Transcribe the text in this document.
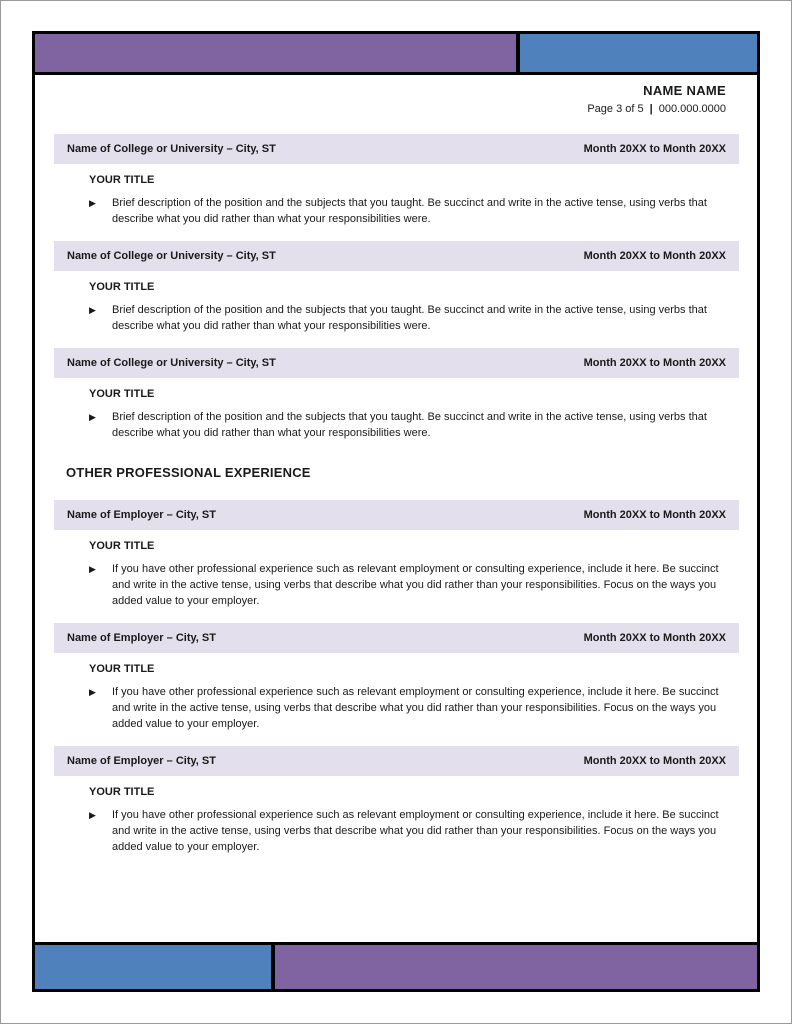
NAME NAME
Page 3 of 5 | 000.000.0000
Name of College or University – City, ST	Month 20XX to Month 20XX
YOUR TITLE
▶	Brief description of the position and the subjects that you taught. Be succinct and write in the active tense, using verbs that describe what you did rather than what your responsibilities were.
Name of College or University – City, ST	Month 20XX to Month 20XX
YOUR TITLE
▶	Brief description of the position and the subjects that you taught. Be succinct and write in the active tense, using verbs that describe what you did rather than what your responsibilities were.
Name of College or University – City, ST	Month 20XX to Month 20XX
YOUR TITLE
▶	Brief description of the position and the subjects that you taught. Be succinct and write in the active tense, using verbs that describe what you did rather than what your responsibilities were.
OTHER PROFESSIONAL EXPERIENCE
Name of Employer – City, ST	Month 20XX to Month 20XX
YOUR TITLE
▶	If you have other professional experience such as relevant employment or consulting experience, include it here. Be succinct and write in the active tense, using verbs that describe what you did rather than your responsibilities. Focus on the ways you added value to your employer.
Name of Employer – City, ST	Month 20XX to Month 20XX
YOUR TITLE
▶	If you have other professional experience such as relevant employment or consulting experience, include it here. Be succinct and write in the active tense, using verbs that describe what you did rather than your responsibilities. Focus on the ways you added value to your employer.
Name of Employer – City, ST	Month 20XX to Month 20XX
YOUR TITLE
▶	If you have other professional experience such as relevant employment or consulting experience, include it here. Be succinct and write in the active tense, using verbs that describe what you did rather than your responsibilities. Focus on the ways you added value to your employer.
